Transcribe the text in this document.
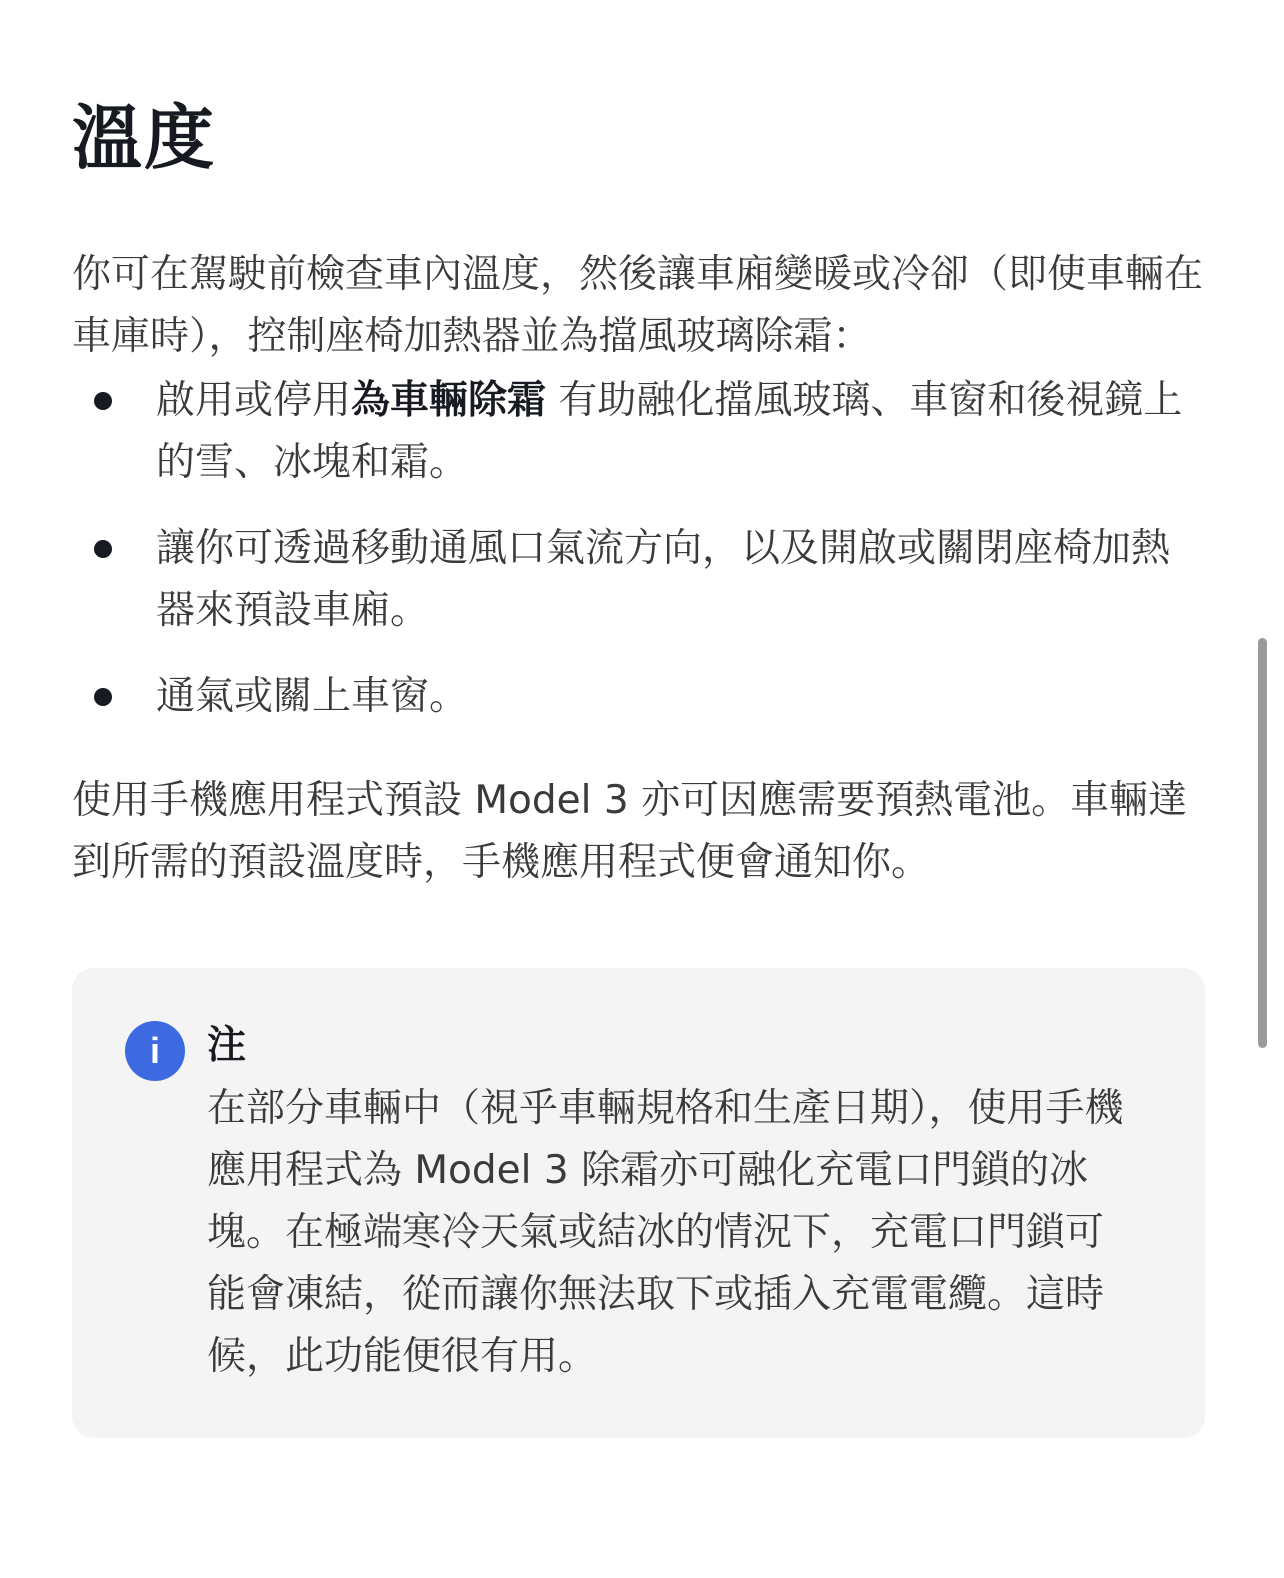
溫度

你可在駕駛前檢查車內溫度，然後讓車廂變暖或冷卻（即使車輛在車庫時），控制座椅加熱器並為擋風玻璃除霜：

啟用或停用為車輛除霜 有助融化擋風玻璃、車窗和後視鏡上的雪、冰塊和霜。
讓你可透過移動通風口氣流方向，以及開啟或關閉座椅加熱器來預設車廂。
通氣或關上車窗。

使用手機應用程式預設 Model 3 亦可因應需要預熱電池。車輛達到所需的預設溫度時，手機應用程式便會通知你。

i	注

在部分車輛中（視乎車輛規格和生產日期），使用手機應用程式為 Model 3 除霜亦可融化充電口門鎖的冰塊。在極端寒冷天氣或結冰的情況下，充電口門鎖可能會凍結，從而讓你無法取下或插入充電電纜。這時候，此功能便很有用。
